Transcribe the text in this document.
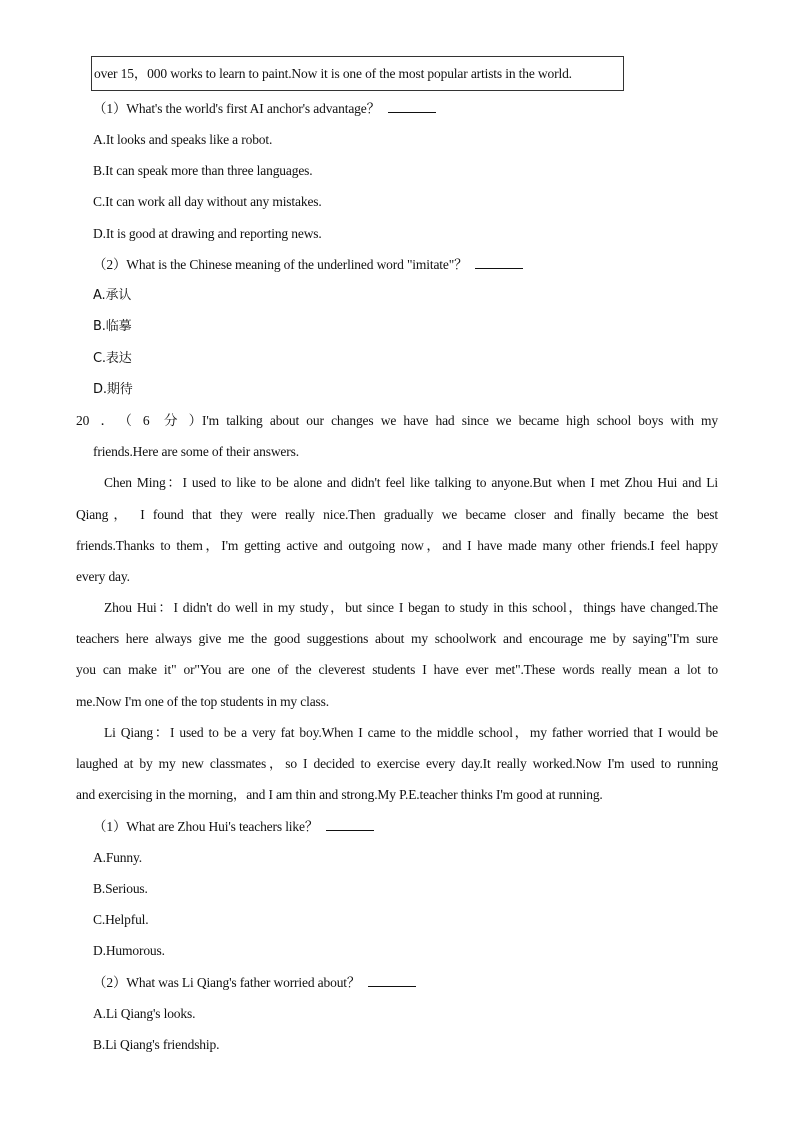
over 15，000 works to learn to paint.Now it is one of the most popular artists in the world.
（1）What's the world's first AI anchor's advantage？
A.It looks and speaks like a robot.
B.It can speak more than three languages.
C.It can work all day without any mistakes.
D.It is good at drawing and reporting news.
（2）What is the Chinese meaning of the underlined word "imitate"？
A.承认
B.临摹
C.表达
D.期待
20．（6 分）I'm talking about our changes we have had since we became high school boys with my
friends.Here are some of their answers.
Chen Ming：I used to like to be alone and didn't feel like talking to anyone.But when I met Zhou Hui and Li
Qiang， I found that they were really nice.Then gradually we became closer and finally became the best
friends.Thanks to them，I'm getting active and outgoing now，and I have made many other friends.I feel happy
every day.
Zhou Hui：I didn't do well in my study，but since I began to study in this school，things have changed.The
teachers here always give me the good suggestions about my schoolwork and encourage me by saying"I'm sure
you can make it" or"You are one of the cleverest students I have ever met".These words really mean a lot to
me.Now I'm one of the top students in my class.
Li Qiang：I used to be a very fat boy.When I came to the middle school，my father worried that I would be
laughed at by my new classmates，so I decided to exercise every day.It really worked.Now I'm used to running
and exercising in the morning，and I am thin and strong.My P.E.teacher thinks I'm good at running.
（1）What are Zhou Hui's teachers like？
A.Funny.
B.Serious.
C.Helpful.
D.Humorous.
（2）What was Li Qiang's father worried about？
A.Li Qiang's looks.
B.Li Qiang's friendship.
